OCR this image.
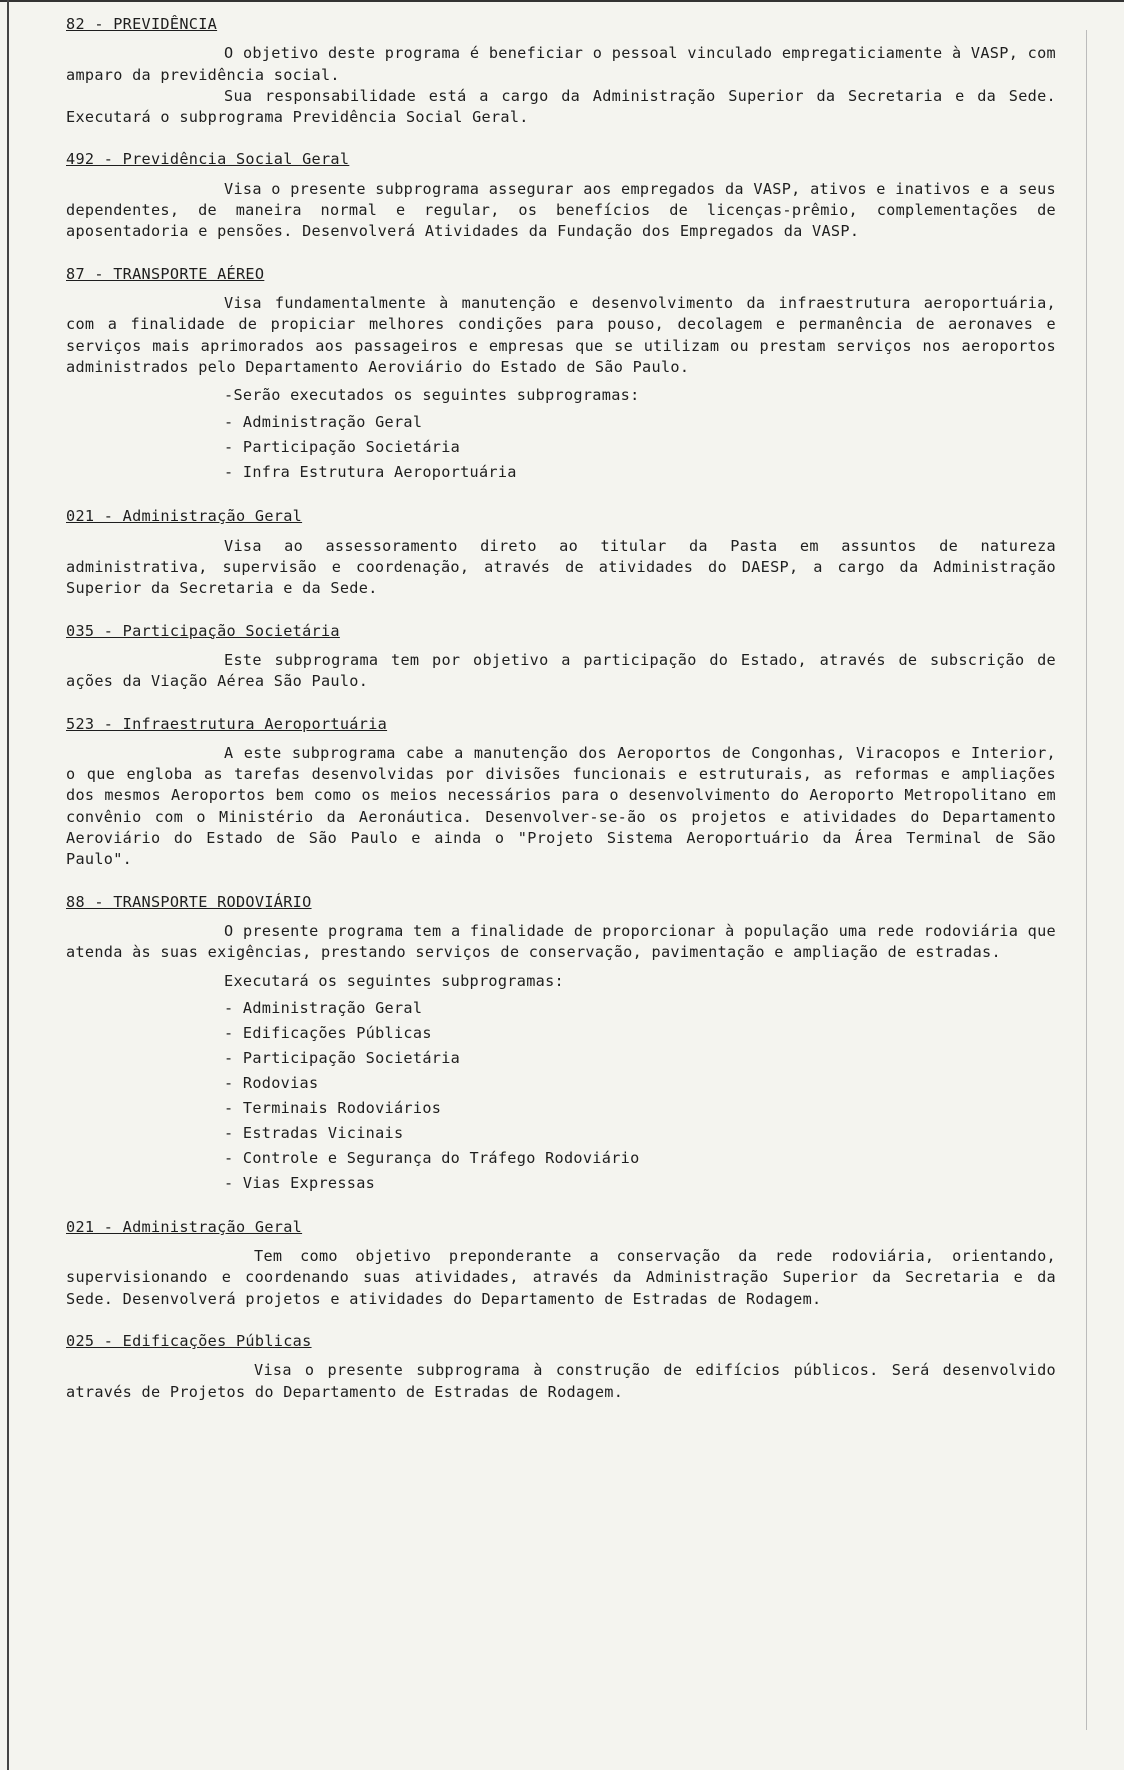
82 - PREVIDÊNCIA

O objetivo deste programa é beneficiar o pessoal vinculado empregaticiamente à VASP, com amparo da previdência social.

Sua responsabilidade está a cargo da Administração Superior da Secretaria e da Sede. Executará o subprograma Previdência Social Geral.

492 - Previdência Social Geral

Visa o presente subprograma assegurar aos empregados da VASP, ativos e inativos e a seus dependentes, de maneira normal e regular, os benefícios de licenças-prêmio, complementações de aposentadoria e pensões. Desenvolverá Atividades da Fundação dos Empregados da VASP.

87 - TRANSPORTE AÉREO

Visa fundamentalmente à manutenção e desenvolvimento da infraestrutura aeroportuária, com a finalidade de propiciar melhores condições para pouso, decolagem e permanência de aeronaves e serviços mais aprimorados aos passageiros e empresas que se utilizam ou prestam serviços nos aeroportos administrados pelo Departamento Aeroviário do Estado de São Paulo.

-Serão executados os seguintes subprogramas:
- Administração Geral
- Participação Societária
- Infra Estrutura Aeroportuária
021 - Administração Geral

Visa ao assessoramento direto ao titular da Pasta em assuntos de natureza administrativa, supervisão e coordenação, através de atividades do DAESP, a cargo da Administração Superior da Secretaria e da Sede.

035 - Participação Societária

Este subprograma tem por objetivo a participação do Estado, através de subscrição de ações da Viação Aérea São Paulo.

523 - Infraestrutura Aeroportuária

A este subprograma cabe a manutenção dos Aeroportos de Congonhas, Viracopos e Interior, o que engloba as tarefas desenvolvidas por divisões funcionais e estruturais, as reformas e ampliações dos mesmos Aeroportos bem como os meios necessários para o desenvolvimento do Aeroporto Metropolitano em convênio com o Ministério da Aeronáutica. Desenvolver-se-ão os projetos e atividades do Departamento Aeroviário do Estado de São Paulo e ainda o "Projeto Sistema Aeroportuário da Área Terminal de São Paulo".

88 - TRANSPORTE RODOVIÁRIO

O presente programa tem a finalidade de proporcionar à população uma rede rodoviária que atenda às suas exigências, prestando serviços de conservação, pavimentação e ampliação de estradas.

Executará os seguintes subprogramas:
- Administração Geral
- Edificações Públicas
- Participação Societária
- Rodovias
- Terminais Rodoviários
- Estradas Vicinais
- Controle e Segurança do Tráfego Rodoviário
- Vias Expressas
021 - Administração Geral

Tem como objetivo preponderante a conservação da rede rodoviária, orientando, supervisionando e coordenando suas atividades, através da Administração Superior da Secretaria e da Sede. Desenvolverá projetos e atividades do Departamento de Estradas de Rodagem.

025 - Edificações Públicas

Visa o presente subprograma à construção de edifícios públicos. Será desenvolvido através de Projetos do Departamento de Estradas de Rodagem.
